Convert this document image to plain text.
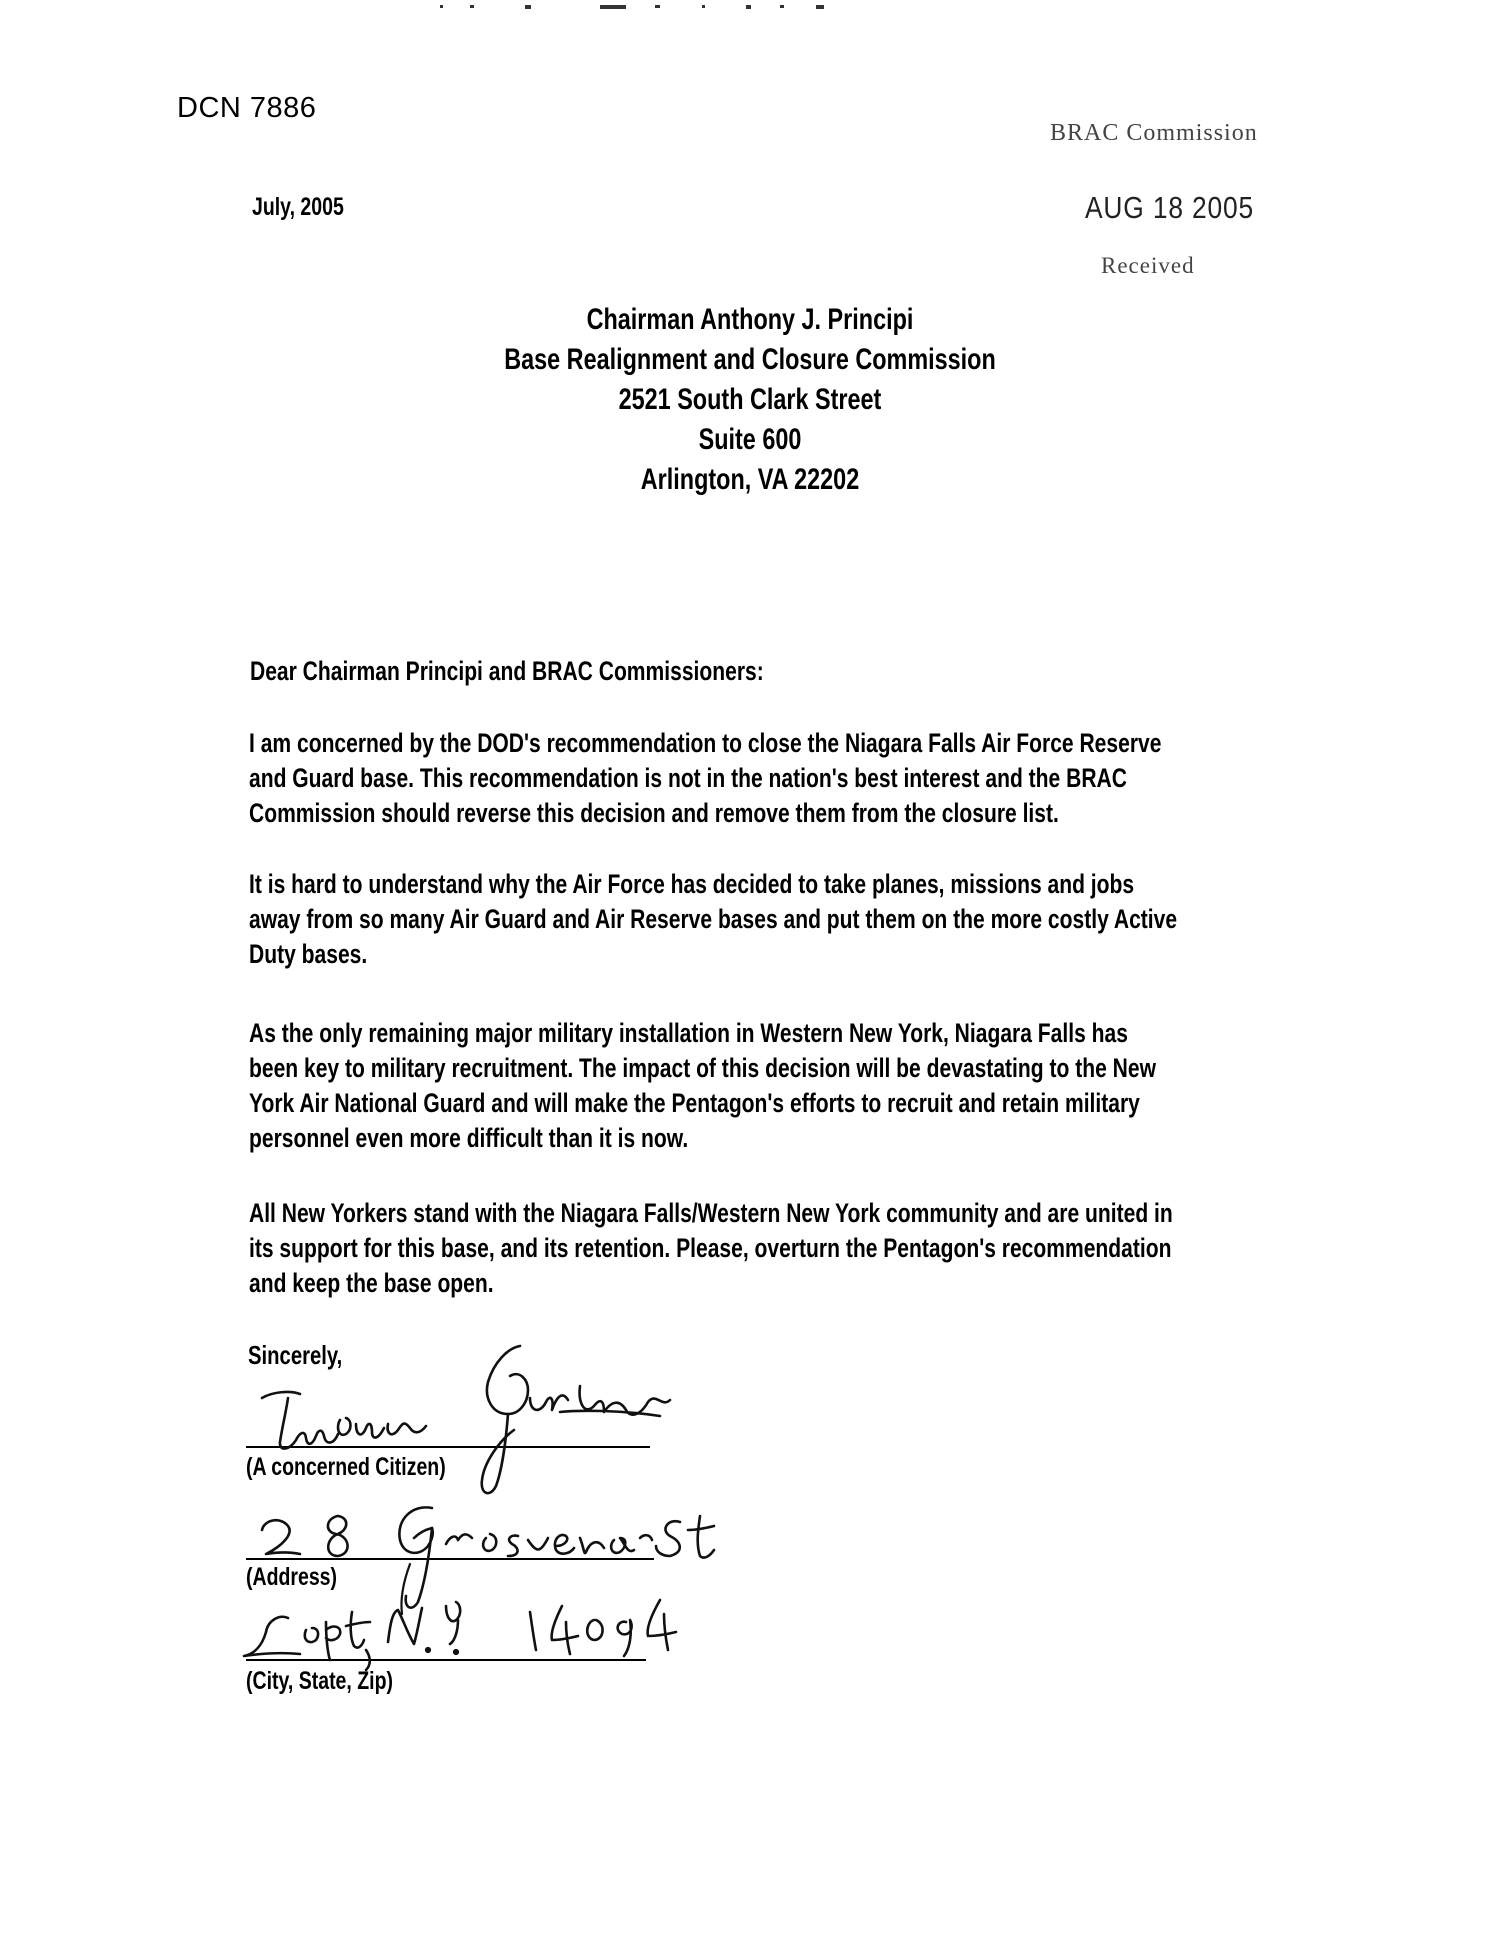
DCN 7886
BRAC Commission
AUG 18 2005
Received
July, 2005
Chairman Anthony J. Principi
Base Realignment and Closure Commission
2521 South Clark Street
Suite 600
Arlington, VA 22202
Dear Chairman Principi and BRAC Commissioners:
I am concerned by the DOD's recommendation to close the Niagara Falls Air Force Reserve and Guard base. This recommendation is not in the nation's best interest and the BRAC Commission should reverse this decision and remove them from the closure list.
It is hard to understand why the Air Force has decided to take planes, missions and jobs away from so many Air Guard and Air Reserve bases and put them on the more costly Active Duty bases.
As the only remaining major military installation in Western New York, Niagara Falls has been key to military recruitment. The impact of this decision will be devastating to the New York Air National Guard and will make the Pentagon's efforts to recruit and retain military personnel even more difficult than it is now.
All New Yorkers stand with the Niagara Falls/Western New York community and are united in its support for this base, and its retention. Please, overturn the Pentagon's recommendation and keep the base open.
Sincerely,
(A concerned Citizen)
(Address)
(City, State, Zip)
